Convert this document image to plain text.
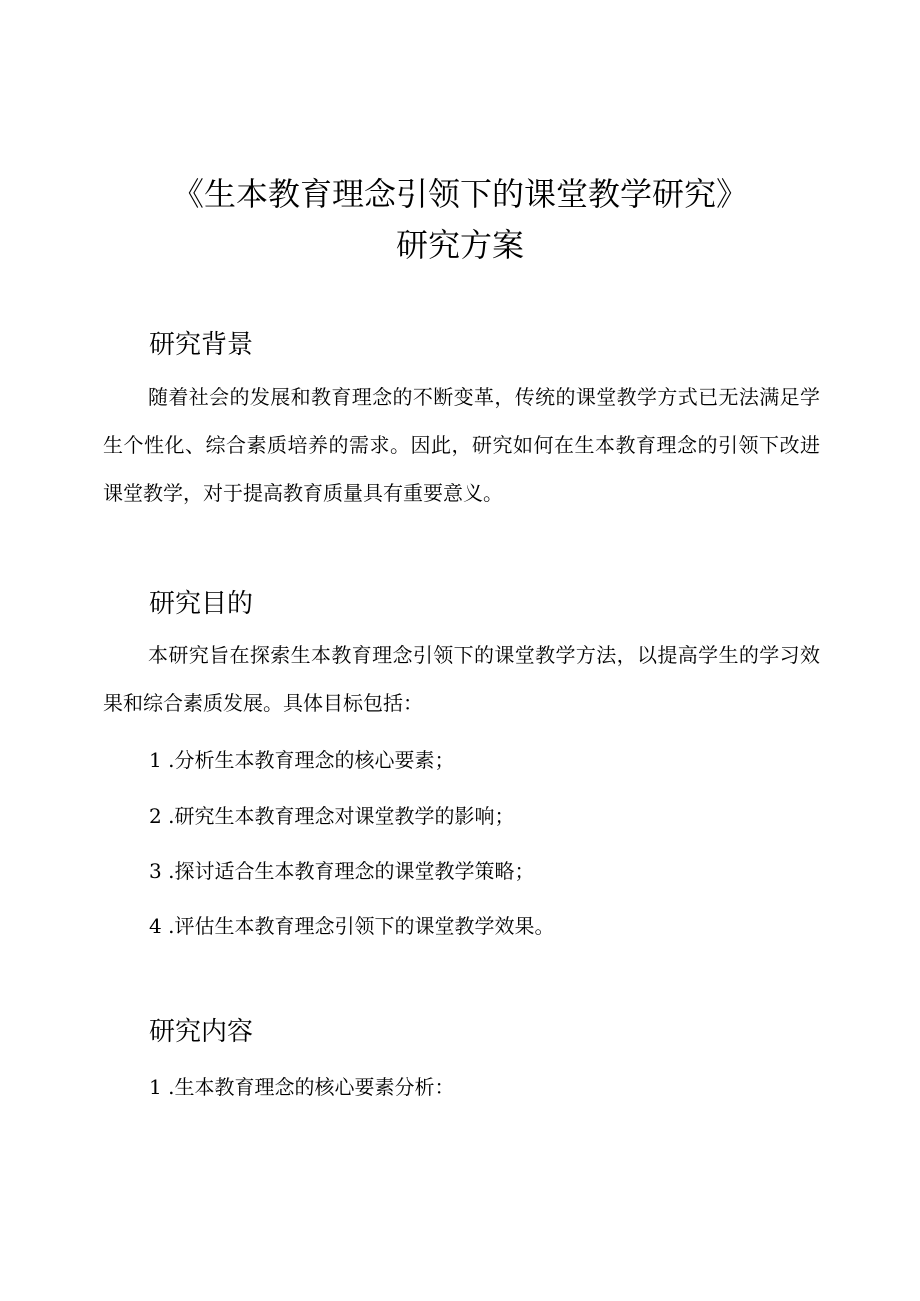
《生本教育理念引领下的课堂教学研究》
研究方案
研究背景

随着社会的发展和教育理念的不断变革，传统的课堂教学方式已无法满足学生个性化、综合素质培养的需求。因此，研究如何在生本教育理念的引领下改进课堂教学，对于提高教育质量具有重要意义。

研究目的

本研究旨在探索生本教育理念引领下的课堂教学方法，以提高学生的学习效果和综合素质发展。具体目标包括：

1 .分析生本教育理念的核心要素；
2 .研究生本教育理念对课堂教学的影响；
3 .探讨适合生本教育理念的课堂教学策略；
4 .评估生本教育理念引领下的课堂教学效果。
研究内容
1 .生本教育理念的核心要素分析：
